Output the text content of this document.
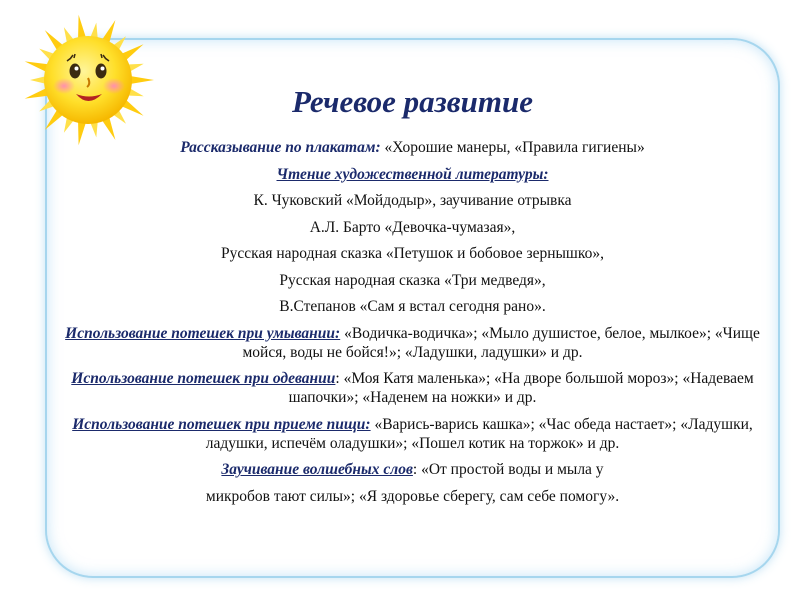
Речевое развитие

Рассказывание по плакатам: «Хорошие манеры, «Правила гигиены»

Чтение художественной литературы:

К. Чуковский «Мойдодыр», заучивание отрывка

А.Л. Барто «Девочка-чумазая»,

Русская народная сказка «Петушок и бобовое зернышко»,

Русская народная сказка «Три медведя»,

В.Степанов «Сам я встал сегодня рано».

Использование потешек при умывании: «Водичка-водичка»; «Мыло душистое, белое, мылкое»; «Чище мойся, воды не бойся!»; «Ладушки, ладушки» и др.

Использование потешек при одевании: «Моя Катя маленька»; «На дворе большой мороз»; «Надеваем шапочки»; «Наденем на ножки» и др.

Использование потешек при приеме пищи: «Варись-варись кашка»; «Час обеда настает»; «Ладушки, ладушки, испечём оладушки»; «Пошел котик на торжок» и др.

Заучивание волшебных слов: «От простой воды и мыла у

микробов тают силы»; «Я здоровье сберегу, сам себе помогу».
